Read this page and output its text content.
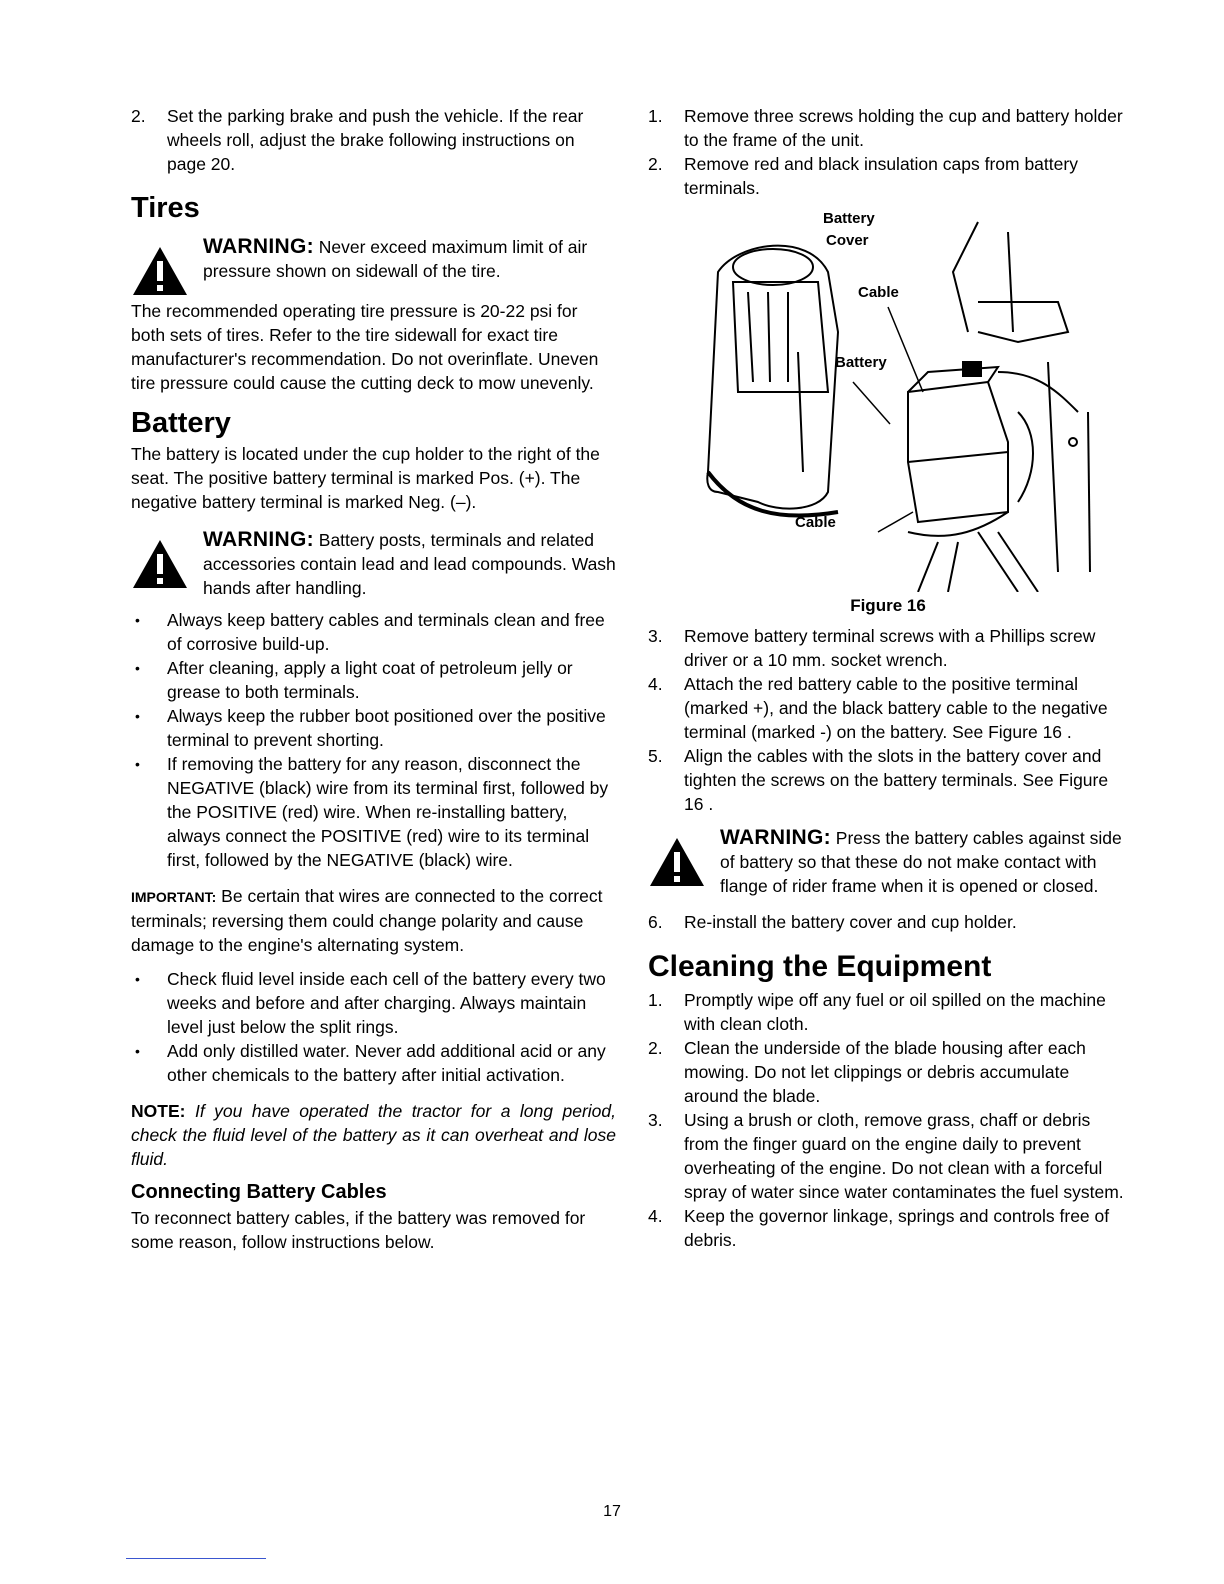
2. Set the parking brake and push the vehicle. If the rear wheels roll, adjust the brake following instructions on page 20.
Tires

WARNING: Never exceed maximum limit of air pressure shown on sidewall of the tire.

The recommended operating tire pressure is 20-22 psi for both sets of tires. Refer to the tire sidewall for exact tire manufacturer's recommendation. Do not overinflate. Uneven tire pressure could cause the cutting deck to mow unevenly.

Battery

The battery is located under the cup holder to the right of the seat. The positive battery terminal is marked Pos. (+). The negative battery terminal is marked Neg. (–).

WARNING: Battery posts, terminals and related accessories contain lead and lead compounds. Wash hands after handling.

• Always keep battery cables and terminals clean and free of corrosive build-up.
• After cleaning, apply a light coat of petroleum jelly or grease to both terminals.
• Always keep the rubber boot positioned over the positive terminal to prevent shorting.
• If removing the battery for any reason, disconnect the NEGATIVE (black) wire from its terminal first, followed by the POSITIVE (red) wire. When re-installing battery, always connect the POSITIVE (red) wire to its terminal first, followed by the NEGATIVE (black) wire.

IMPORTANT: Be certain that wires are connected to the correct terminals; reversing them could change polarity and cause damage to the engine's alternating system.

• Check fluid level inside each cell of the battery every two weeks and before and after charging. Always maintain level just below the split rings.
• Add only distilled water. Never add additional acid or any other chemicals to the battery after initial activation.

NOTE: If you have operated the tractor for a long period, check the fluid level of the battery as it can overheat and lose fluid.

Connecting Battery Cables

To reconnect battery cables, if the battery was removed for some reason, follow instructions below.

1. Remove three screws holding the cup and battery holder to the frame of the unit.
2. Remove red and black insulation caps from battery terminals.
Battery
Cover
Cable
Battery
Cable
Figure 16
3. Remove battery terminal screws with a Phillips screw driver or a 10 mm. socket wrench.
4. Attach the red battery cable to the positive terminal (marked +), and the black battery cable to the negative terminal (marked -) on the battery. See Figure 16 .
5. Align the cables with the slots in the battery cover and tighten the screws on the battery terminals. See Figure 16 .

WARNING: Press the battery cables against side of battery so that these do not make contact with flange of rider frame when it is opened or closed.

6. Re-install the battery cover and cup holder.
Cleaning the Equipment
1. Promptly wipe off any fuel or oil spilled on the machine with clean cloth.
2. Clean the underside of the blade housing after each mowing. Do not let clippings or debris accumulate around the blade.
3. Using a brush or cloth, remove grass, chaff or debris from the finger guard on the engine daily to prevent overheating of the engine. Do not clean with a forceful spray of water since water contaminates the fuel system.
4. Keep the governor linkage, springs and controls free of debris.
17
